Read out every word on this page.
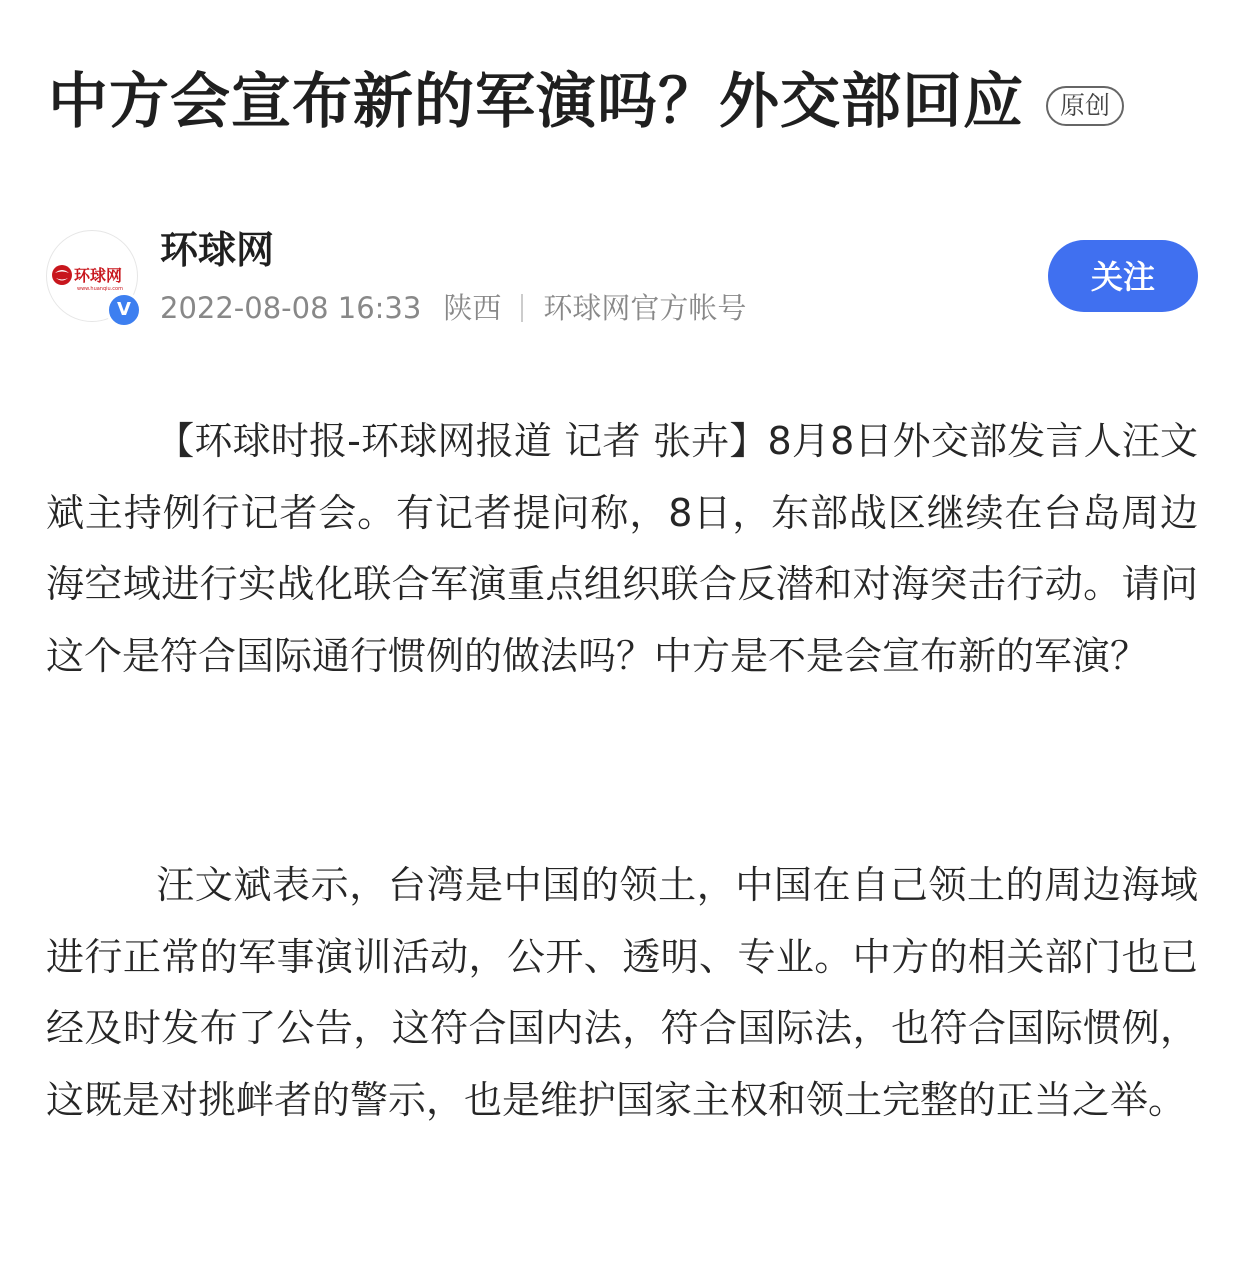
中方会宣布新的军演吗？外交部回应	原创
环球网
www.huanqiu.com
V
环球网
2022-08-08 16:33 陕西 环球网官方帐号
关注

【环球时报-环球网报道 记者 张卉】8月8日外交部发言人汪文斌主持例行记者会。有记者提问称，8日，东部战区继续在台岛周边海空域进行实战化联合军演重点组织联合反潜和对海突击行动。请问这个是符合国际通行惯例的做法吗？中方是不是会宣布新的军演？

汪文斌表示，台湾是中国的领土，中国在自己领土的周边海域进行正常的军事演训活动，公开、透明、专业。中方的相关部门也已经及时发布了公告，这符合国内法，符合国际法，也符合国际惯例，这既是对挑衅者的警示，也是维护国家主权和领土完整的正当之举。
